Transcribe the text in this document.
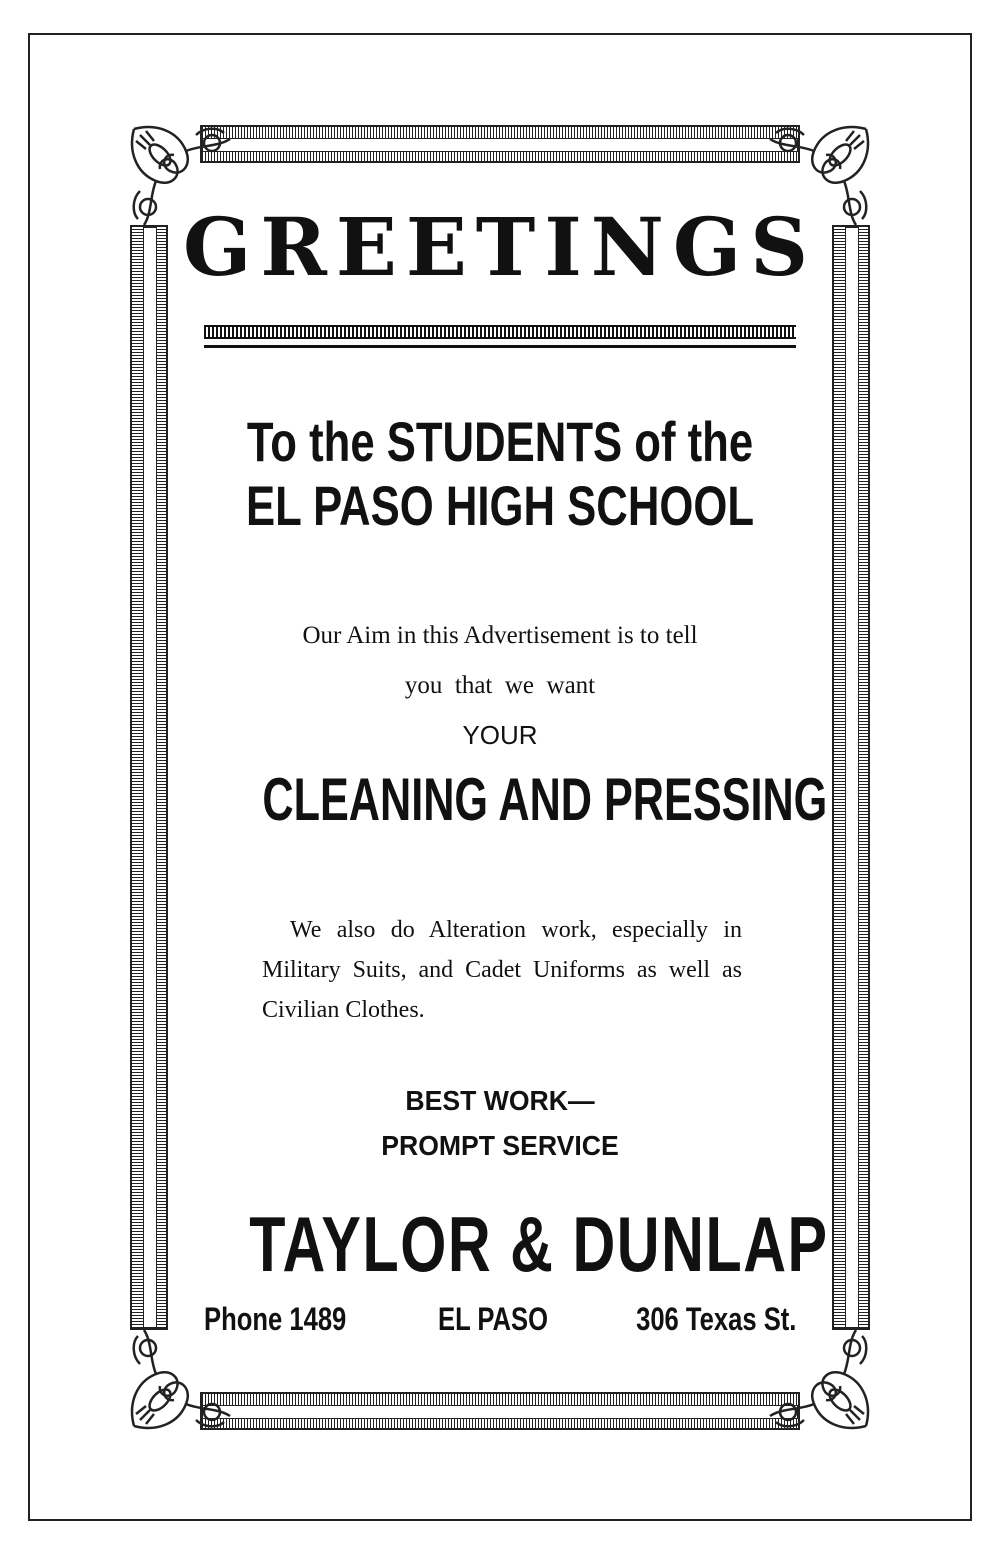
GREETINGS
To the STUDENTS of the
EL PASO HIGH SCHOOL
Our Aim in this Advertisement is to tell
you  that  we  want
YOUR
CLEANING AND PRESSING
We also do Alteration work, especially in Military Suits, and Cadet Uniforms as well as Civilian Clothes.
BEST WORK—
PROMPT SERVICE
TAYLOR & DUNLAP
Phone 1489	EL PASO	306 Texas St.
